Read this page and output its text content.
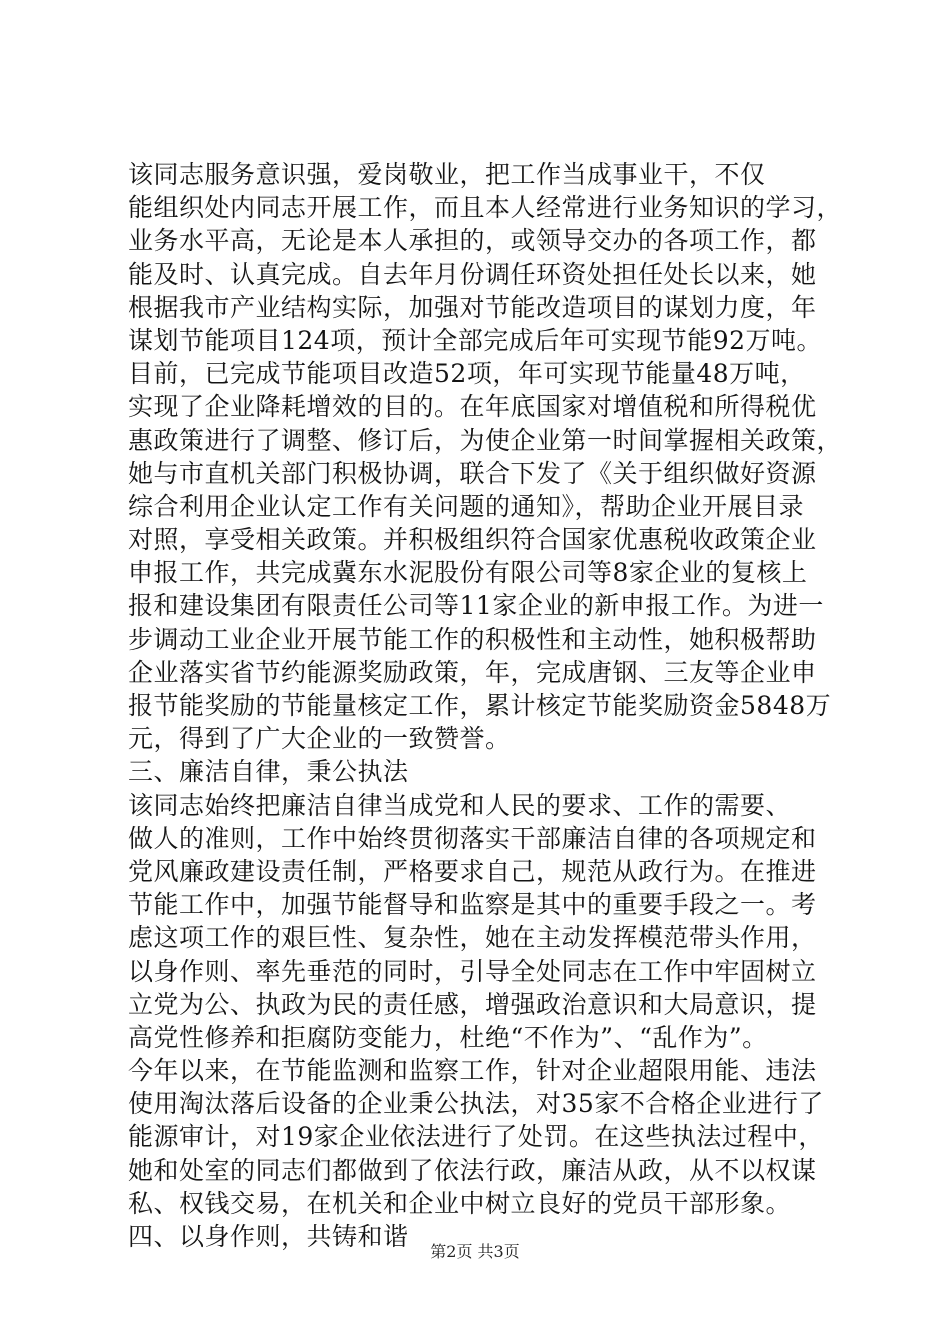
该同志服务意识强，爱岗敬业，把工作当成事业干，不仅
能组织处内同志开展工作，而且本人经常进行业务知识的学习，
业务水平高，无论是本人承担的，或领导交办的各项工作，都
能及时、认真完成。自去年月份调任环资处担任处长以来，她
根据我市产业结构实际，加强对节能改造项目的谋划力度，年
谋划节能项目124项，预计全部完成后年可实现节能92万吨。
目前，已完成节能项目改造52项，年可实现节能量48万吨，
实现了企业降耗增效的目的。在年底国家对增值税和所得税优
惠政策进行了调整、修订后，为使企业第一时间掌握相关政策，
她与市直机关部门积极协调，联合下发了《关于组织做好资源
综合利用企业认定工作有关问题的通知》，帮助企业开展目录
对照，享受相关政策。并积极组织符合国家优惠税收政策企业
申报工作，共完成冀东水泥股份有限公司等8家企业的复核上
报和建设集团有限责任公司等11家企业的新申报工作。为进一
步调动工业企业开展节能工作的积极性和主动性，她积极帮助
企业落实省节约能源奖励政策，年，完成唐钢、三友等企业申
报节能奖励的节能量核定工作，累计核定节能奖励资金5848万
元，得到了广大企业的一致赞誉。
三、廉洁自律，秉公执法
该同志始终把廉洁自律当成党和人民的要求、工作的需要、
做人的准则，工作中始终贯彻落实干部廉洁自律的各项规定和
党风廉政建设责任制，严格要求自己，规范从政行为。在推进
节能工作中，加强节能督导和监察是其中的重要手段之一。考
虑这项工作的艰巨性、复杂性，她在主动发挥模范带头作用，
以身作则、率先垂范的同时，引导全处同志在工作中牢固树立
立党为公、执政为民的责任感，增强政治意识和大局意识，提
高党性修养和拒腐防变能力，杜绝“不作为”、“乱作为”。
今年以来，在节能监测和监察工作，针对企业超限用能、违法
使用淘汰落后设备的企业秉公执法，对35家不合格企业进行了
能源审计，对19家企业依法进行了处罚。在这些执法过程中，
她和处室的同志们都做到了依法行政，廉洁从政，从不以权谋
私、权钱交易，在机关和企业中树立良好的党员干部形象。
四、以身作则，共铸和谐
第2页 共3页
